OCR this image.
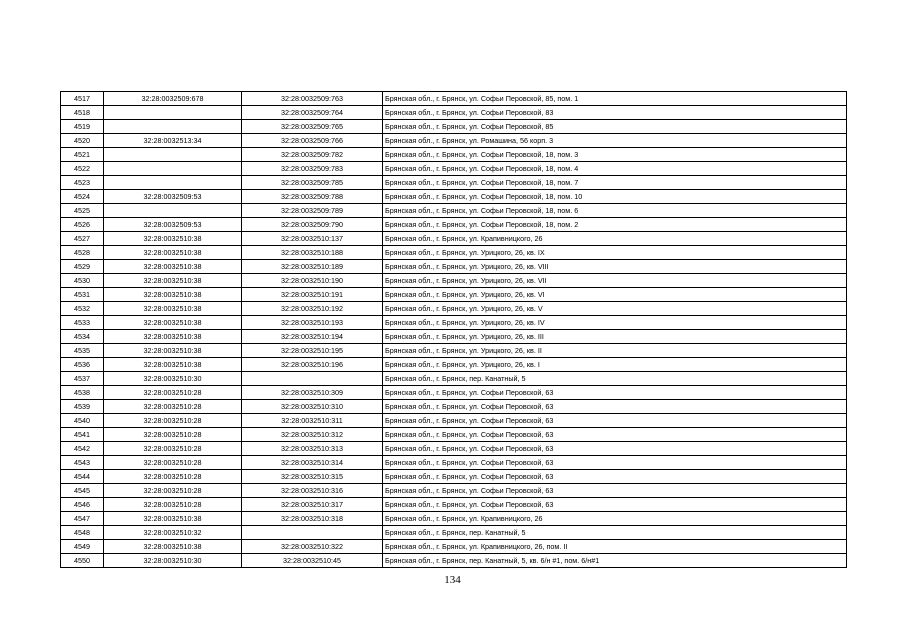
4517	32:28:0032509:678	32:28:0032509:763	Брянская обл., г. Брянск, ул. Софьи Перовской, 85, пом. 1
4518		32:28:0032509:764	Брянская обл., г. Брянск, ул. Софьи Перовской, 83
4519		32:28:0032509:765	Брянская обл., г. Брянск, ул. Софьи Перовской, 85
4520	32:28:0032513:34	32:28:0032509:766	Брянская обл., г. Брянск, ул. Ромашина, 56 корп. 3
4521		32:28:0032509:782	Брянская обл., г. Брянск, ул. Софьи Перовской, 18, пом. 3
4522		32:28:0032509:783	Брянская обл., г. Брянск, ул. Софьи Перовской, 18, пом. 4
4523		32:28:0032509:785	Брянская обл., г. Брянск, ул. Софьи Перовской, 18, пом. 7
4524	32:28:0032509:53	32:28:0032509:788	Брянская обл., г. Брянск, ул. Софьи Перовской, 18, пом. 10
4525		32:28:0032509:789	Брянская обл., г. Брянск, ул. Софьи Перовской, 18, пом. 6
4526	32:28:0032509:53	32:28:0032509:790	Брянская обл., г. Брянск, ул. Софьи Перовской, 18, пом. 2
4527	32:28:0032510:38	32:28:0032510:137	Брянская обл., г. Брянск, ул. Крапивницкого, 26
4528	32:28:0032510:38	32:28:0032510:188	Брянская обл., г. Брянск, ул. Урицкого, 26, кв. IX
4529	32:28:0032510:38	32:28:0032510:189	Брянская обл., г. Брянск, ул. Урицкого, 26, кв. VIII
4530	32:28:0032510:38	32:28:0032510:190	Брянская обл., г. Брянск, ул. Урицкого, 26, кв. VII
4531	32:28:0032510:38	32:28:0032510:191	Брянская обл., г. Брянск, ул. Урицкого, 26, кв. VI
4532	32:28:0032510:38	32:28:0032510:192	Брянская обл., г. Брянск, ул. Урицкого, 26, кв. V
4533	32:28:0032510:38	32:28:0032510:193	Брянская обл., г. Брянск, ул. Урицкого, 26, кв. IV
4534	32:28:0032510:38	32:28:0032510:194	Брянская обл., г. Брянск, ул. Урицкого, 26, кв. III
4535	32:28:0032510:38	32:28:0032510:195	Брянская обл., г. Брянск, ул. Урицкого, 26, кв. II
4536	32:28:0032510:38	32:28:0032510:196	Брянская обл., г. Брянск, ул. Урицкого, 26, кв. I
4537	32:28:0032510:30		Брянская обл., г. Брянск, пер. Канатный, 5
4538	32:28:0032510:28	32:28:0032510:309	Брянская обл., г. Брянск, ул. Софьи Перовской, 63
4539	32:28:0032510:28	32:28:0032510:310	Брянская обл., г. Брянск, ул. Софьи Перовской, 63
4540	32:28:0032510:28	32:28:0032510:311	Брянская обл., г. Брянск, ул. Софьи Перовской, 63
4541	32:28:0032510:28	32:28:0032510:312	Брянская обл., г. Брянск, ул. Софьи Перовской, 63
4542	32:28:0032510:28	32:28:0032510:313	Брянская обл., г. Брянск, ул. Софьи Перовской, 63
4543	32:28:0032510:28	32:28:0032510:314	Брянская обл., г. Брянск, ул. Софьи Перовской, 63
4544	32:28:0032510:28	32:28:0032510:315	Брянская обл., г. Брянск, ул. Софьи Перовской, 63
4545	32:28:0032510:28	32:28:0032510:316	Брянская обл., г. Брянск, ул. Софьи Перовской, 63
4546	32:28:0032510:28	32:28:0032510:317	Брянская обл., г. Брянск, ул. Софьи Перовской, 63
4547	32:28:0032510:38	32:28:0032510:318	Брянская обл., г. Брянск, ул. Крапивницкого, 26
4548	32:28:0032510:32		Брянская обл., г. Брянск, пер. Канатный, 5
4549	32:28:0032510:38	32:28:0032510:322	Брянская обл., г. Брянск, ул. Крапивницкого, 26, пом. II
4550	32:28:0032510:30	32:28:0032510:45	Брянская обл., г. Брянск, пер. Канатный, 5, кв. 6/н #1, пом. 6/н#1
134
